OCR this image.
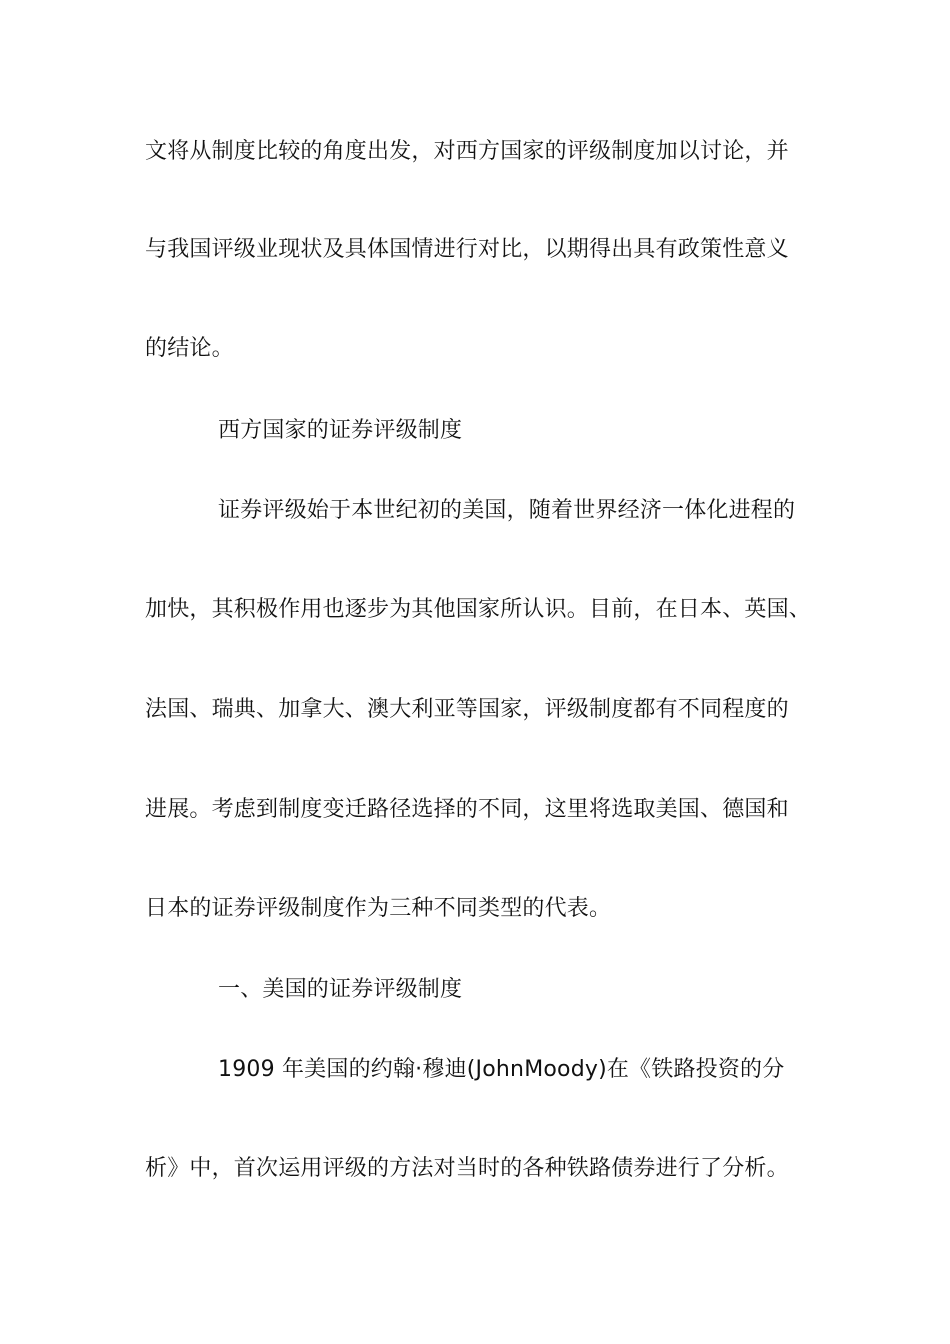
文将从制度比较的角度出发，对西方国家的评级制度加以讨论，并
与我国评级业现状及具体国情进行对比，以期得出具有政策性意义
的结论。
西方国家的证券评级制度
证券评级始于本世纪初的美国，随着世界经济一体化进程的
加快，其积极作用也逐步为其他国家所认识。目前，在日本、英国、
法国、瑞典、加拿大、澳大利亚等国家，评级制度都有不同程度的
进展。考虑到制度变迁路径选择的不同，这里将选取美国、德国和
日本的证券评级制度作为三种不同类型的代表。
一、美国的证券评级制度
1909 年美国的约翰·穆迪(JohnMoody)在《铁路投资的分
析》中，首次运用评级的方法对当时的各种铁路债券进行了分析。
